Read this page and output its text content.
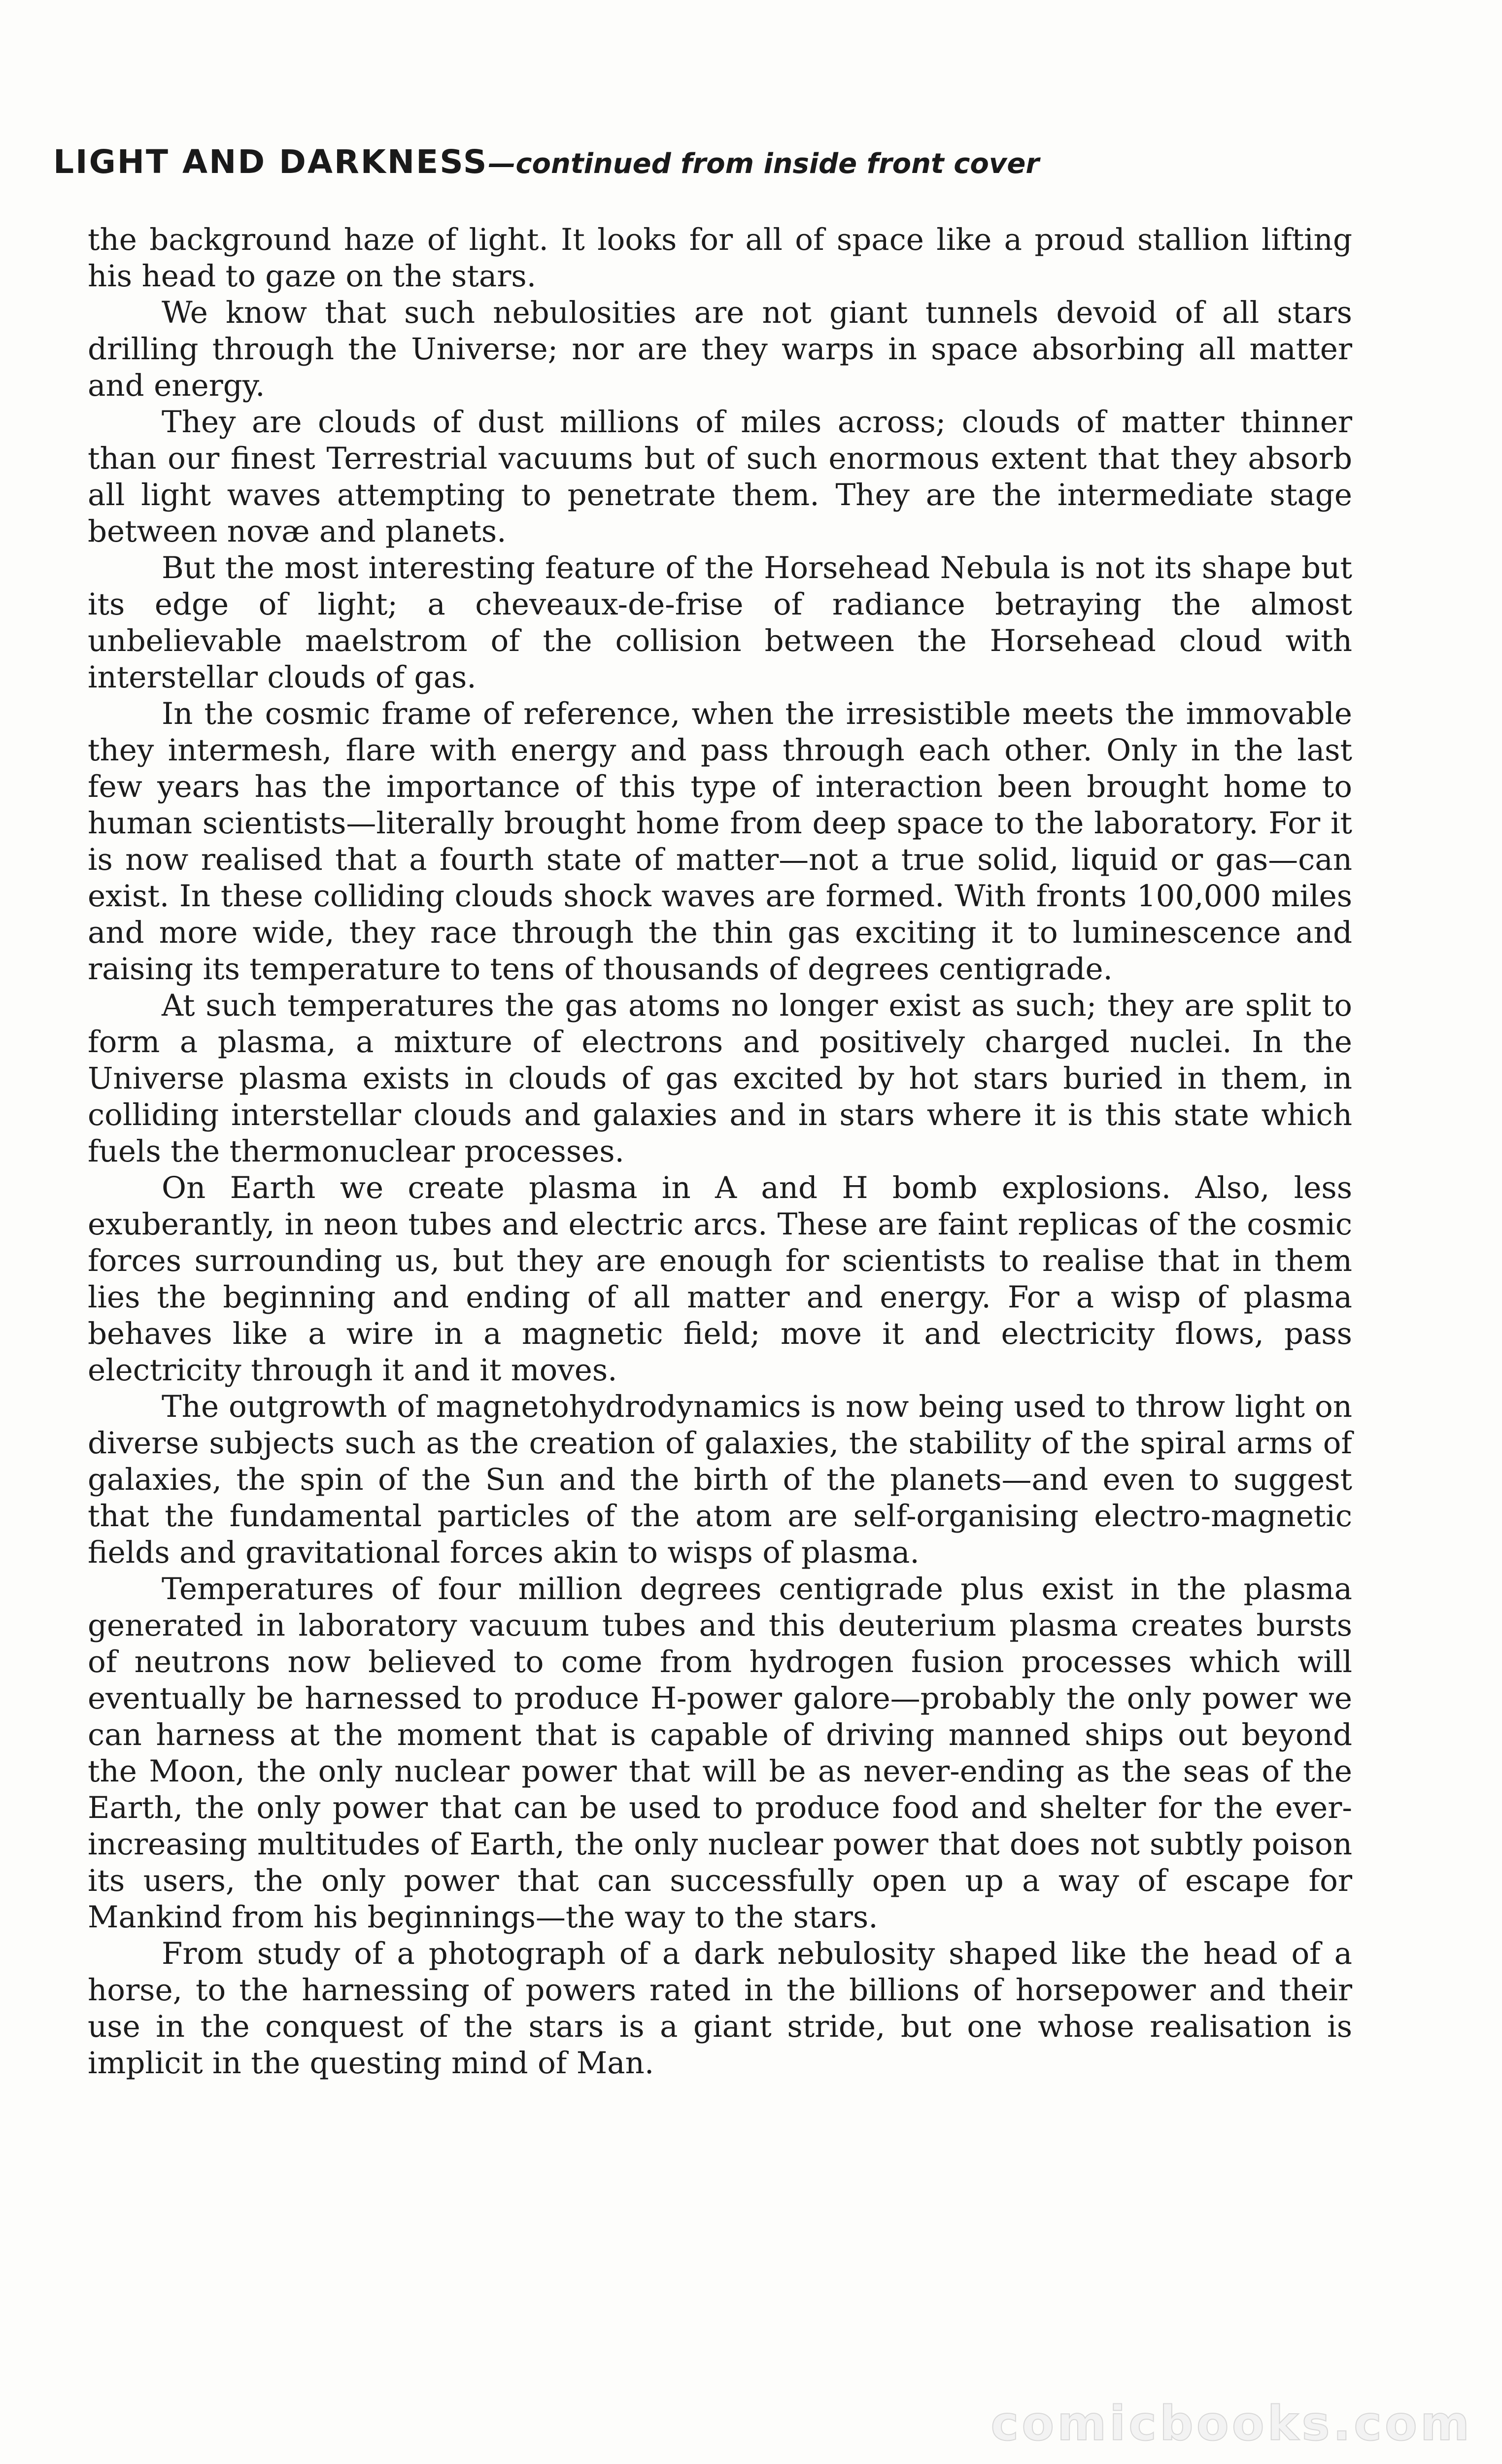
LIGHT AND DARKNESS—continued from inside front cover

the background haze of light. It looks for all of space like a proud stallion lifting his head to gaze on the stars.

We know that such nebulosities are not giant tunnels devoid of all stars drilling through the Universe; nor are they warps in space absorbing all matter and energy.

They are clouds of dust millions of miles across; clouds of matter thinner than our finest Terrestrial vacuums but of such enormous extent that they absorb all light waves attempting to penetrate them. They are the intermediate stage between novæ and planets.

But the most interesting feature of the Horsehead Nebula is not its shape but its edge of light; a cheveaux-de-frise of radiance betraying the almost unbelievable maelstrom of the collision between the Horsehead cloud with interstellar clouds of gas.

In the cosmic frame of reference, when the irresistible meets the immovable they intermesh, flare with energy and pass through each other. Only in the last few years has the importance of this type of interaction been brought home to human scientists—literally brought home from deep space to the laboratory. For it is now realised that a fourth state of matter—not a true solid, liquid or gas—can exist. In these colliding clouds shock waves are formed. With fronts 100,000 miles and more wide, they race through the thin gas exciting it to luminescence and raising its temperature to tens of thousands of degrees centigrade.

At such temperatures the gas atoms no longer exist as such; they are split to form a plasma, a mixture of electrons and positively charged nuclei. In the Universe plasma exists in clouds of gas excited by hot stars buried in them, in colliding interstellar clouds and galaxies and in stars where it is this state which fuels the thermonuclear processes.

On Earth we create plasma in A and H bomb explosions. Also, less exuberantly, in neon tubes and electric arcs. These are faint replicas of the cosmic forces surrounding us, but they are enough for scientists to realise that in them lies the beginning and ending of all matter and energy. For a wisp of plasma behaves like a wire in a magnetic field; move it and electricity flows, pass electricity through it and it moves.

The outgrowth of magnetohydrodynamics is now being used to throw light on diverse subjects such as the creation of galaxies, the stability of the spiral arms of galaxies, the spin of the Sun and the birth of the planets—and even to suggest that the fundamental particles of the atom are self-organising electro-magnetic fields and gravitational forces akin to wisps of plasma.

Temperatures of four million degrees centigrade plus exist in the plasma generated in laboratory vacuum tubes and this deuterium plasma creates bursts of neutrons now believed to come from hydrogen fusion processes which will eventually be harnessed to produce H-power galore—probably the only power we can harness at the moment that is capable of driving manned ships out beyond the Moon, the only nuclear power that will be as never-ending as the seas of the Earth, the only power that can be used to produce food and shelter for the ever-increasing multitudes of Earth, the only nuclear power that does not subtly poison its users, the only power that can successfully open up a way of escape for Mankind from his beginnings—the way to the stars.

From study of a photograph of a dark nebulosity shaped like the head of a horse, to the harnessing of powers rated in the billions of horsepower and their use in the conquest of the stars is a giant stride, but one whose realisation is implicit in the questing mind of Man.

comicbooks.com
